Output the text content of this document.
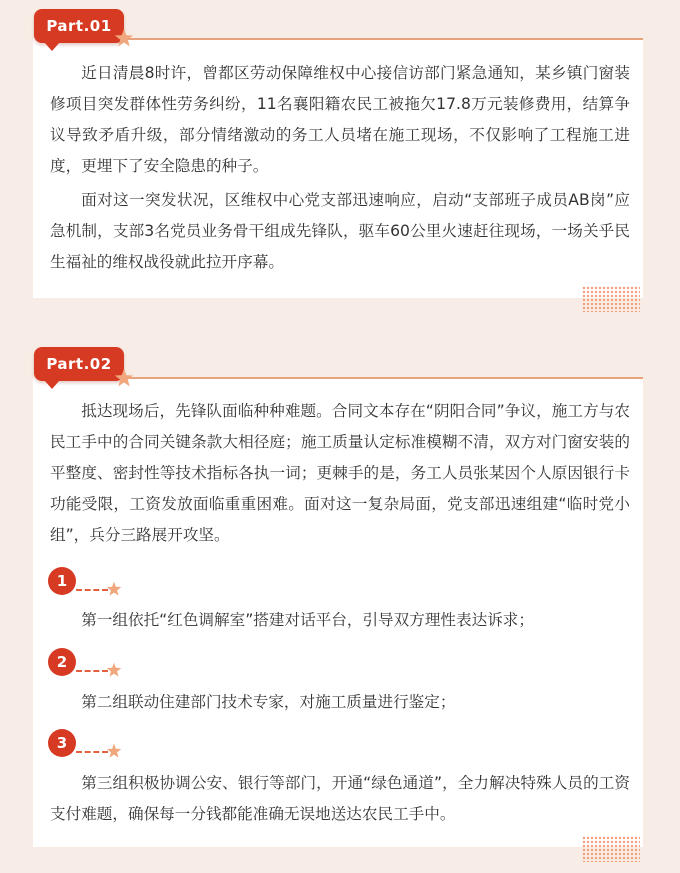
Part.01

近日清晨8时许，曾都区劳动保障维权中心接信访部门紧急通知，某乡镇门窗装修项目突发群体性劳务纠纷，11名襄阳籍农民工被拖欠17.8万元装修费用，结算争议导致矛盾升级，部分情绪激动的务工人员堵在施工现场，不仅影响了工程施工进度，更埋下了安全隐患的种子。

面对这一突发状况，区维权中心党支部迅速响应，启动“支部班子成员AB岗”应急机制，支部3名党员业务骨干组成先锋队，驱车60公里火速赶往现场，一场关乎民生福祉的维权战役就此拉开序幕。

Part.02

抵达现场后，先锋队面临种种难题。合同文本存在“阴阳合同”争议，施工方与农民工手中的合同关键条款大相径庭；施工质量认定标准模糊不清，双方对门窗安装的平整度、密封性等技术指标各执一词；更棘手的是，务工人员张某因个人原因银行卡功能受限，工资发放面临重重困难。面对这一复杂局面，党支部迅速组建“临时党小组”，兵分三路展开攻坚。

1

第一组依托“红色调解室”搭建对话平台，引导双方理性表达诉求；

2

第二组联动住建部门技术专家，对施工质量进行鉴定；

3

第三组积极协调公安、银行等部门，开通“绿色通道”，全力解决特殊人员的工资支付难题，确保每一分钱都能准确无误地送达农民工手中。
